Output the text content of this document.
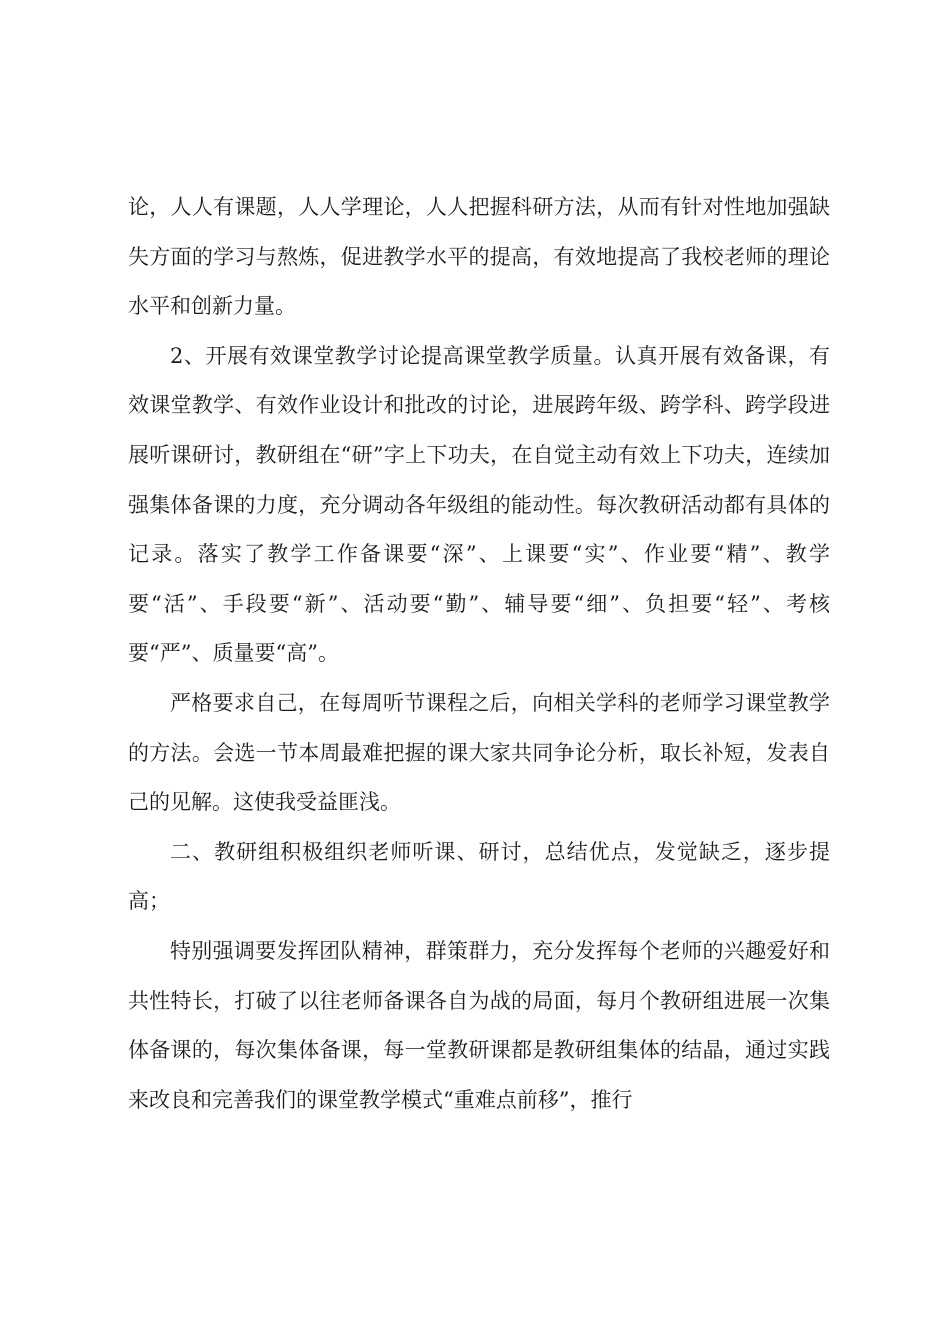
论，人人有课题，人人学理论，人人把握科研方法，从而有针对性地加强缺失方面的学习与熬炼，促进教学水平的提高，有效地提高了我校老师的理论水平和创新力量。

2、开展有效课堂教学讨论提高课堂教学质量。认真开展有效备课，有效课堂教学、有效作业设计和批改的讨论，进展跨年级、跨学科、跨学段进展听课研讨，教研组在“研”字上下功夫，在自觉主动有效上下功夫，连续加强集体备课的力度，充分调动各年级组的能动性。每次教研活动都有具体的记录。落实了教学工作备课要“深”、上课要“实”、作业要“精”、教学要“活”、手段要“新”、活动要“勤”、辅导要“细”、负担要“轻”、考核要“严”、质量要“高”。

严格要求自己，在每周听节课程之后，向相关学科的老师学习课堂教学的方法。会选一节本周最难把握的课大家共同争论分析，取长补短，发表自己的见解。这使我受益匪浅。

二、教研组积极组织老师听课、研讨，总结优点，发觉缺乏，逐步提高；

特别强调要发挥团队精神，群策群力，充分发挥每个老师的兴趣爱好和共性特长，打破了以往老师备课各自为战的局面，每月个教研组进展一次集体备课的，每次集体备课，每一堂教研课都是教研组集体的结晶，通过实践来改良和完善我们的课堂教学模式“重难点前移”，推行
